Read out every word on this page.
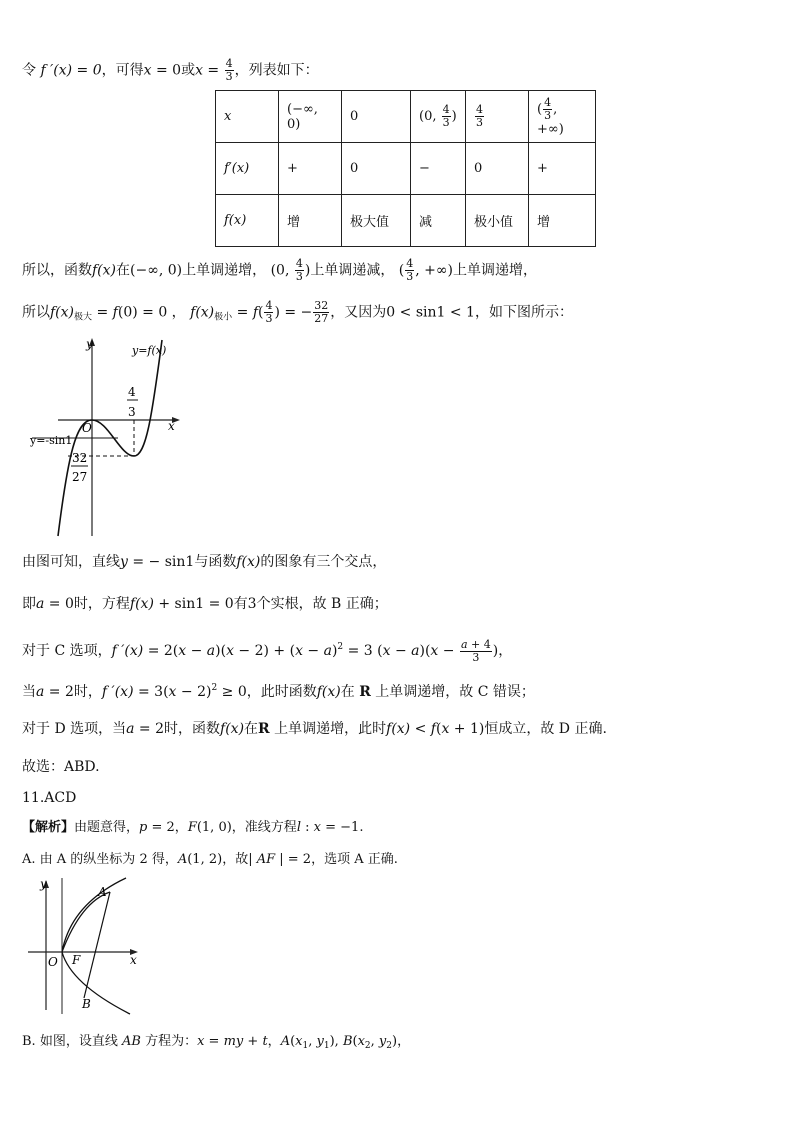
令 f ′(x) = 0，可得x = 0或$x = \frac{4}{3}$ ，列表如下：
x	(−∞, 0)	0	(0, $\frac{4}{3}$ )	$\frac{4}{3}$	( $\frac{4}{3}$ , +∞)
f′(x)	+	0	−	0	+
f(x)	增	极大值	减	极小值	增
所以，函数f(x)在(−∞, 0)上单调递增， (0, $\frac{4}{3}$ )上单调递减， ( $\frac{4}{3}$ , +∞)上单调递增，
所以$f(x)_{极大} = f(0) = 0$ ， $f(x)_{极小} = f( \frac{4}{3}$ ) = − $\frac{32}{27}$ ，又因为0 < sin1 < 1，如下图所示：
y	y=f(x)
x
O
4
3
y=-sin1
32
27
由图可知，直线y = − sin1与函数f(x)的图象有三个交点，
即a = 0时，方程f(x) + sin1 = 0有3个实根，故 B 正确；
对于 C 选项，f $'(x) = 2(x - a)(x - 2) + (x - a)^2 = 3$ $(x - a)(x - \frac{a + 4}{3}$ )，
当a = 2时，f $'(x) = 3(x - 2)^2 \ge 0$，此时函数f(x)在 R 上单调递增，故 C 错误；
对于 D 选项，当a = 2时，函数f(x)在R 上单调递增，此时f(x) < f(x + 1)恒成立，故 D 正确.
故选：ABD.
11.ACD
【解析】由题意得，p = 2，F(1, 0)，准线方程l : x = −1.
A. 由 A 的纵坐标为 2 得，A(1, 2)，故| AF | = 2，选项 A 正确.
y
A
O F	x
B
B. 如图，设直线 AB 方程为：x = my + t，$A(x_1$, $y_1$), $B(x_2$, $y_2$)，
